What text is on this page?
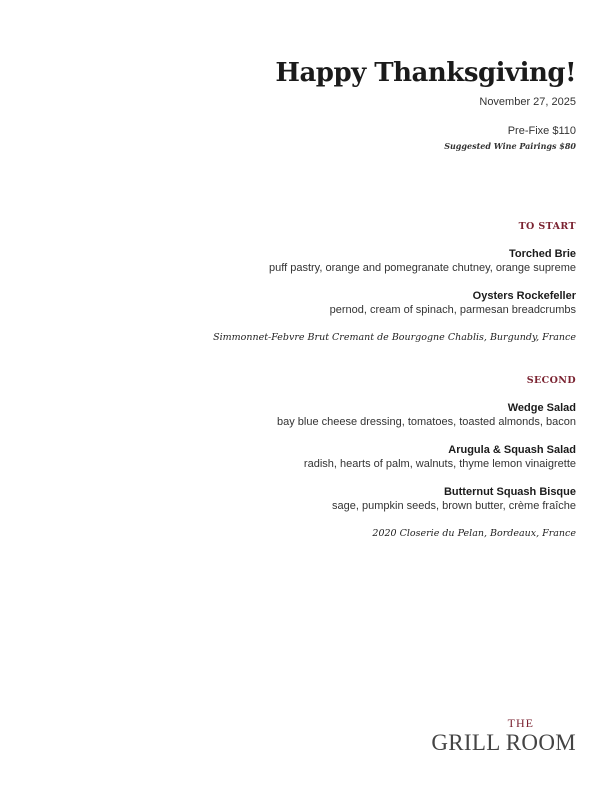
Happy Thanksgiving!
November 27, 2025
Pre-Fixe $110
Suggested Wine Pairings $80
TO START
Torched Brie
puff pastry, orange and pomegranate chutney, orange supreme
Oysters Rockefeller
pernod, cream of spinach, parmesan breadcrumbs
Simmonnet-Febvre Brut Cremant de Bourgogne Chablis, Burgundy, France
SECOND
Wedge Salad
bay blue cheese dressing, tomatoes, toasted almonds, bacon
Arugula & Squash Salad
radish, hearts of palm, walnuts, thyme lemon vinaigrette
Butternut Squash Bisque
sage, pumpkin seeds, brown butter, crème fraîche
2020 Closerie du Pelan, Bordeaux, France
THE
GRILL ROOM
